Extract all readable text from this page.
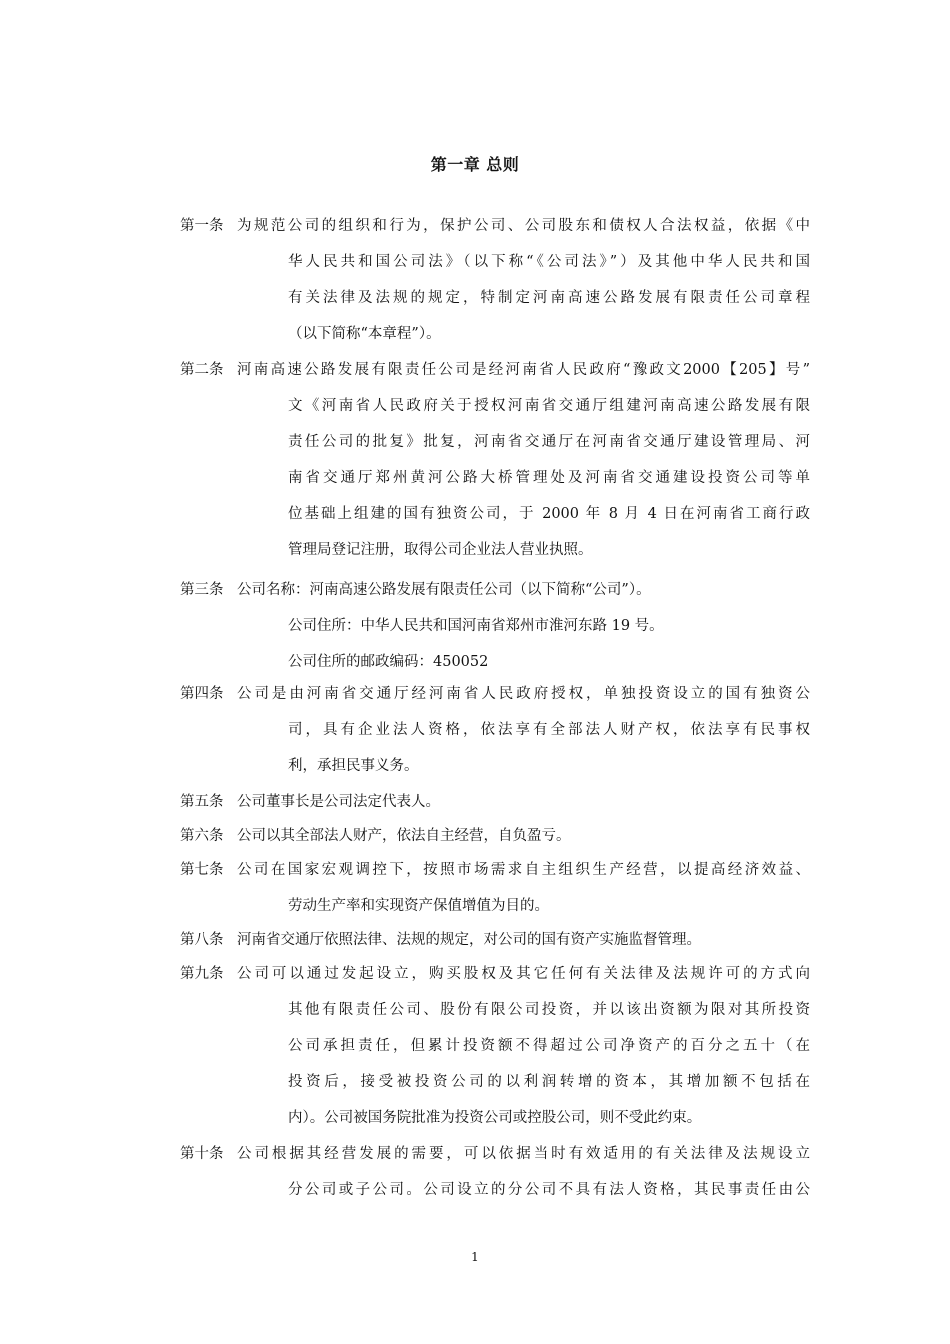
第一章 总则
第一条 为规范公司的组织和行为，保护公司、公司股东和债权人合法权益，依据《中
华人民共和国公司法》（以下称“《公司法》”）及其他中华人民共和国
有关法律及法规的规定，特制定河南高速公路发展有限责任公司章程
（以下简称“本章程”）。
第二条 河南高速公路发展有限责任公司是经河南省人民政府“豫政文2000【205】号”
文《河南省人民政府关于授权河南省交通厅组建河南高速公路发展有限
责任公司的批复》批复，河南省交通厅在河南省交通厅建设管理局、河
南省交通厅郑州黄河公路大桥管理处及河南省交通建设投资公司等单
位基础上组建的国有独资公司，于 2000 年 8 月 4 日在河南省工商行政
管理局登记注册，取得公司企业法人营业执照。
第三条 公司名称：河南高速公路发展有限责任公司（以下简称“公司”）。
公司住所：中华人民共和国河南省郑州市淮河东路 19 号。
公司住所的邮政编码：450052
第四条 公司是由河南省交通厅经河南省人民政府授权，单独投资设立的国有独资公
司，具有企业法人资格，依法享有全部法人财产权，依法享有民事权
利，承担民事义务。
第五条 公司董事长是公司法定代表人。
第六条 公司以其全部法人财产，依法自主经营，自负盈亏。
第七条 公司在国家宏观调控下，按照市场需求自主组织生产经营，以提高经济效益、
劳动生产率和实现资产保值增值为目的。
第八条 河南省交通厅依照法律、法规的规定，对公司的国有资产实施监督管理。
第九条 公司可以通过发起设立，购买股权及其它任何有关法律及法规许可的方式向
其他有限责任公司、股份有限公司投资，并以该出资额为限对其所投资
公司承担责任，但累计投资额不得超过公司净资产的百分之五十（在
投资后，接受被投资公司的以利润转增的资本，其增加额不包括在
内）。公司被国务院批准为投资公司或控股公司，则不受此约束。
第十条 公司根据其经营发展的需要，可以依据当时有效适用的有关法律及法规设立
分公司或子公司。公司设立的分公司不具有法人资格，其民事责任由公
1
